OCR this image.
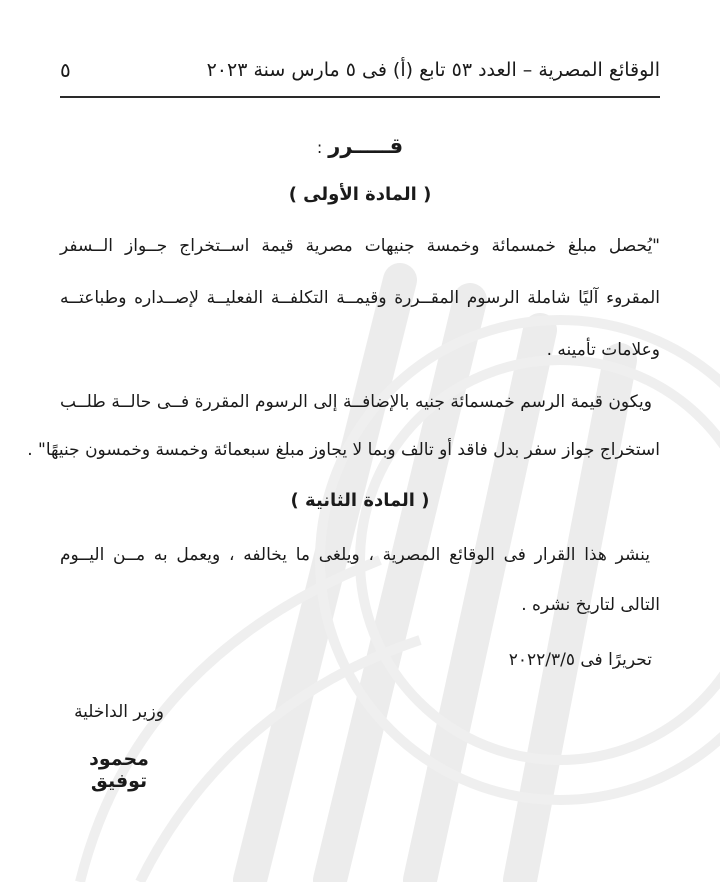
الوقائع المصرية – العدد ٥٣ تابع (أ) فى ٥ مارس سنة ٢٠٢٣
٥
قـــــرر:
( المادة الأولى )
"يُحصل مبلغ خمسمائة وخمسة جنيهات مصرية قيمة اســتخراج جــواز الــسفر
المقروء آليًا شاملة الرسوم المقــررة وقيمــة التكلفــة الفعليــة لإصــداره وطباعتــه
وعلامات تأمينه .
ويكون قيمة الرسم خمسمائة جنيه بالإضافــة إلى الرسوم المقررة فــى حالــة طلــب
استخراج جواز سفر بدل فاقد أو تالف وبما لا يجاوز مبلغ سبعمائة وخمسة وخمسون جنيهًا" .
( المادة الثانية )
ينشر هذا القرار فى الوقائع المصرية ، ويلغى ما يخالفه ، ويعمل به مــن اليــوم
التالى لتاريخ نشره .
تحريرًا فى ٢٠٢٢/٣/٥
وزير الداخلية
محمود توفيق
